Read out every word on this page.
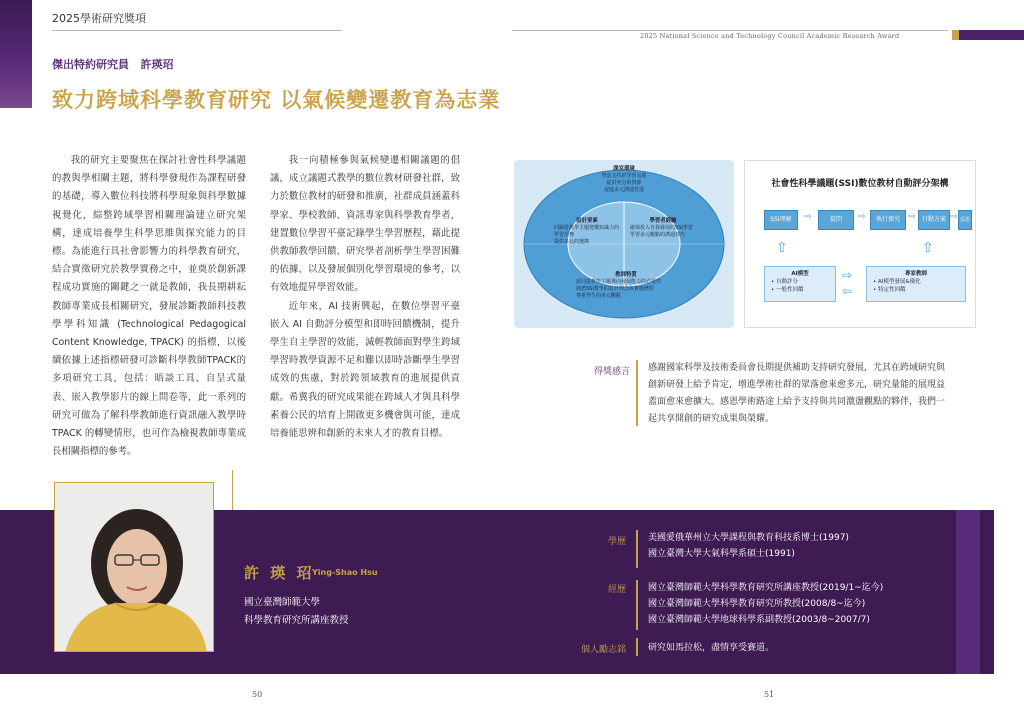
2025學術研究獎項
2025 National Science and Technology Council Academic Research Award
傑出特約研究員 許瑛玿
致力跨域科學教育研究 以氣候變遷教育為志業

我的研究主要聚焦在探討社會性科學議題的教與學相關主題，將科學發現作為課程研發的基礎，導入數位科技將科學現象與科學數據視覺化，綜整跨域學習相關理論建立研究架構，達成培養學生科學思維與探究能力的目標。為能進行具社會影響力的科學教育研究，結合實徵研究於教學實務之中，並奠於創新課程成功實施的關鍵之一就是教師，我長期耕耘教師專業成長相關研究，發展診斷教師科技教學學科知識 (Technological Pedagogical Content Knowledge, TPACK) 的指標，以後續依據上述指標研發可診斷科學教師TPACK的多項研究工具，包括：晤談工具、自呈式量表、嵌入教學影片的線上問卷等，此一系列的研究可做為了解科學教師進行資訊融入教學時 TPACK 的轉變情形，也可作為檢視教師專業成長相關指標的參考。

我一向積極參與氣候變遷相關議題的倡議，成立議題式教學的數位教材研發社群，致力於數位教材的研發和推廣，社群成員涵蓋科學家、學校教師、資訊專家與科學教育學者，建置數位學習平臺記錄學生學習歷程，藉此提供教師教學回饋、研究學者剖析學生學習困難的依據、以及發展個別化學習環境的參考，以有效地提昇學習效能。

近年來，AI 技術興起，在數位學習平臺嵌入 AI 自動評分模型和即時回饋機制，提升學生自主學習的效能，減輕教師面對學生跨域學習時教學資源不足和難以即時診斷學生學習成效的焦慮，對於跨領域教育的進展提供貢獻。希冀我的研究成果能在跨域人才與具科學素養公民的培育上開啟更多機會與可能，達成培養能思辨和創新的未來人才的教育目標。

課室環境
營造支持的學習氛圍
提供充分的資源
促進多元溝通管道
設計要素
回歸從教學主題建構知識力的學習任務
提供多元的選擇
學習者經驗
確保投入自我發展的SSI學習
學習多元觀點的溝通技巧
教師特質
認同從教學主題導向發展能力的必要性
熟悉SSI教學的設計理念與實施歷程
尊重學生的多元觀點
社會性科學議題(SSI)數位教材自動評分架構
SSI理解	⇨	提問	⇨	執行探究 ⇨	行動方案 ⇨ 反思
⇧	⇧
AI模型
• 自動評分
• 一般性回饋
⇨
⇦
專家教師
• AI模型發展&優化
• 特定性回饋
得獎感言 感謝國家科學及技術委員會長期提供補助支持研究發展，尤其在跨域研究與創新研發上給予肯定，增進學術社群的眾落愈來愈多元，研究量能的展現益蓋面愈來愈擴大。感恩學術路途上給予支持與共同激盪觀點的夥伴，我們一起共享開創的研究成果與榮耀。
許 瑛 玿
Ying-Shao Hsu
國立臺灣師範大學
科學教育研究所講座教授
學歷 美國愛俄華州立大學課程與教育科技系博士(1997)
國立臺灣大學大氣科學系碩士(1991)
經歷 國立臺灣師範大學科學教育研究所講座教授(2019/1~迄今)
國立臺灣師範大學科學教育研究所教授(2008/8~迄今)
國立臺灣師範大學地球科學系副教授(2003/8~2007/7)
個人勵志銘 研究如馬拉松，盡情享受賽道。
50	51
